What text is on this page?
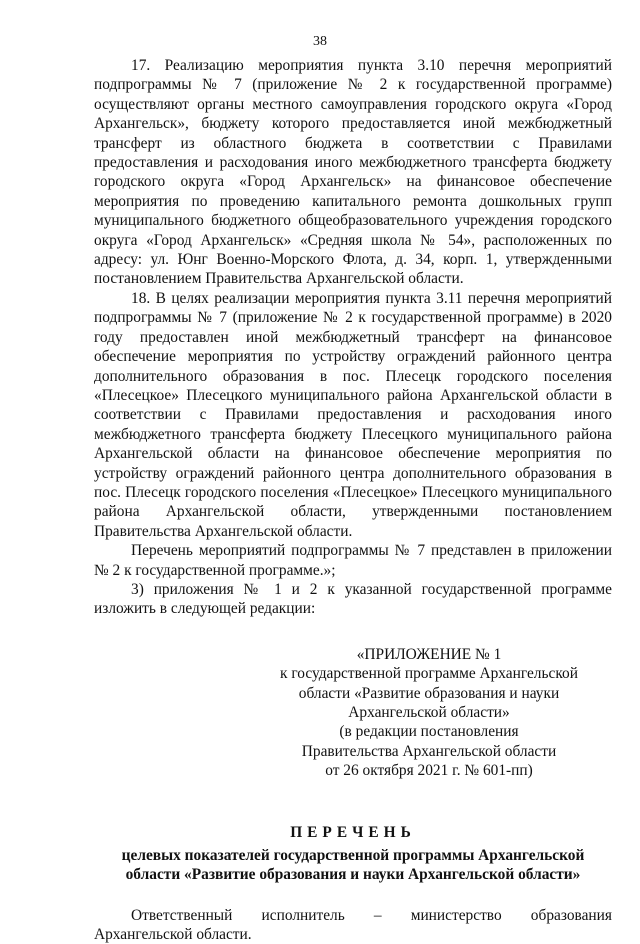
38

17. Реализацию мероприятия пункта 3.10 перечня мероприятий подпрограммы № 7 (приложение № 2 к государственной программе) осуществляют органы местного самоуправления городского округа «Город Архангельск», бюджету которого предоставляется иной межбюджетный трансферт из областного бюджета в соответствии с Правилами предоставления и расходования иного межбюджетного трансферта бюджету городского округа «Город Архангельск» на финансовое обеспечение мероприятия по проведению капитального ремонта дошкольных групп муниципального бюджетного общеобразовательного учреждения городского округа «Город Архангельск» «Средняя школа № 54», расположенных по адресу: ул. Юнг Военно-Морского Флота, д. 34, корп. 1, утвержденными постановлением Правительства Архангельской области.

18. В целях реализации мероприятия пункта 3.11 перечня мероприятий подпрограммы № 7 (приложение № 2 к государственной программе) в 2020 году предоставлен иной межбюджетный трансферт на финансовое обеспечение мероприятия по устройству ограждений районного центра дополнительного образования в пос. Плесецк городского поселения «Плесецкое» Плесецкого муниципального района Архангельской области в соответствии с Правилами предоставления и расходования иного межбюджетного трансферта бюджету Плесецкого муниципального района Архангельской области на финансовое обеспечение мероприятия по устройству ограждений районного центра дополнительного образования в пос. Плесецк городского поселения «Плесецкое» Плесецкого муниципального района Архангельской области, утвержденными постановлением Правительства Архангельской области.

Перечень мероприятий подпрограммы № 7 представлен в приложении № 2 к государственной программе.»;

3) приложения № 1 и 2 к указанной государственной программе изложить в следующей редакции:

«ПРИЛОЖЕНИЕ № 1
к государственной программе Архангельской
области «Развитие образования и науки
Архангельской области»
(в редакции постановления
Правительства Архангельской области
от 26 октября 2021 г. № 601-пп)
ПЕРЕЧЕНЬ
целевых показателей государственной программы Архангельской
области «Развитие образования и науки Архангельской области»

Ответственный исполнитель – министерство образования Архангельской области.
